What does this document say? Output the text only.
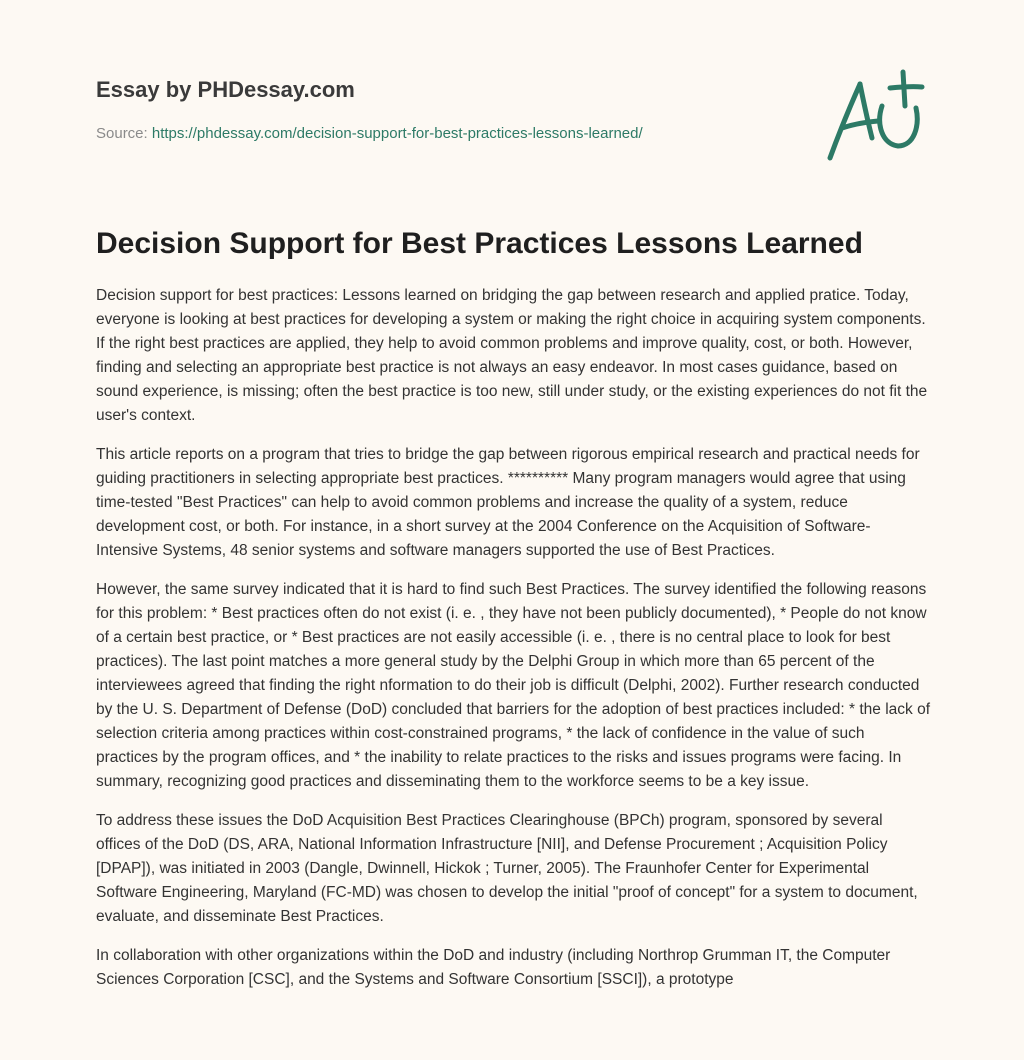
Essay by PHDessay.com
Source: https://phdessay.com/decision-support-for-best-practices-lessons-learned/
Decision Support for Best Practices Lessons Learned

Decision support for best practices: Lessons learned on bridging the gap between research and applied pratice. Today, everyone is looking at best practices for developing a system or making the right choice in acquiring system components. If the right best practices are applied, they help to avoid common problems and improve quality, cost, or both. However, finding and selecting an appropriate best practice is not always an easy endeavor. In most cases guidance, based on sound experience, is missing; often the best practice is too new, still under study, or the existing experiences do not fit the user's context.

This article reports on a program that tries to bridge the gap between rigorous empirical research and practical needs for guiding practitioners in selecting appropriate best practices. ********** Many program managers would agree that using time-tested "Best Practices" can help to avoid common problems and increase the quality of a system, reduce development cost, or both. For instance, in a short survey at the 2004 Conference on the Acquisition of Software-Intensive Systems, 48 senior systems and software managers supported the use of Best Practices.

However, the same survey indicated that it is hard to find such Best Practices. The survey identified the following reasons for this problem: * Best practices often do not exist (i. e. , they have not been publicly documented), * People do not know of a certain best practice, or * Best practices are not easily accessible (i. e. , there is no central place to look for best practices). The last point matches a more general study by the Delphi Group in which more than 65 percent of the interviewees agreed that finding the right nformation to do their job is difficult (Delphi, 2002). Further research conducted by the U. S. Department of Defense (DoD) concluded that barriers for the adoption of best practices included: * the lack of selection criteria among practices within cost-constrained programs, * the lack of confidence in the value of such practices by the program offices, and * the inability to relate practices to the risks and issues programs were facing. In summary, recognizing good practices and disseminating them to the workforce seems to be a key issue.

To address these issues the DoD Acquisition Best Practices Clearinghouse (BPCh) program, sponsored by several offices of the DoD (DS, ARA, National Information Infrastructure [NII], and Defense Procurement ; Acquisition Policy [DPAP]), was initiated in 2003 (Dangle, Dwinnell, Hickok ; Turner, 2005). The Fraunhofer Center for Experimental Software Engineering, Maryland (FC-MD) was chosen to develop the initial "proof of concept" for a system to document, evaluate, and disseminate Best Practices.

In collaboration with other organizations within the DoD and industry (including Northrop Grumman IT, the Computer Sciences Corporation [CSC], and the Systems and Software Consortium [SSCI]), a prototype
